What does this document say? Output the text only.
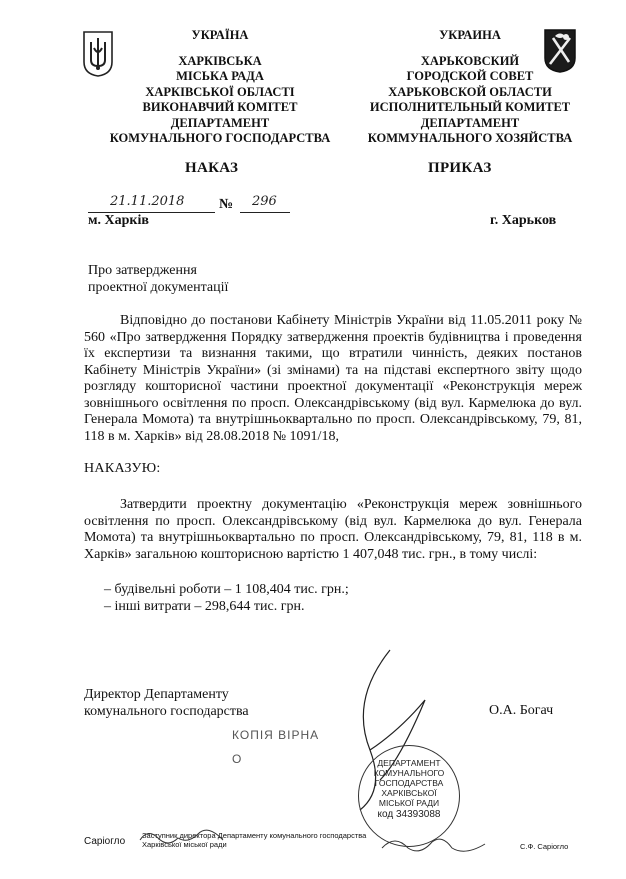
УКРАЇНА
ХАРКІВСЬКА
МІСЬКА РАДА
ХАРКІВСЬКОЇ ОБЛАСТІ
ВИКОНАВЧИЙ КОМІТЕТ
ДЕПАРТАМЕНТ
КОМУНАЛЬНОГО ГОСПОДАРСТВА
УКРАИНА
ХАРЬКОВСКИЙ
ГОРОДСКОЙ СОВЕТ
ХАРЬКОВСКОЙ ОБЛАСТИ
ИСПОЛНИТЕЛЬНЫЙ КОМИТЕТ
ДЕПАРТАМЕНТ
КОММУНАЛЬНОГО ХОЗЯЙСТВА
НАКАЗ	ПРИКАЗ
21.11.2018 № 296
м. Харків	г. Харьков
Про затвердження
проектної документації
Відповідно до постанови Кабінету Міністрів України від 11.05.2011 року № 560 «Про затвердження Порядку затвердження проектів будівництва і проведення їх експертизи та визнання такими, що втратили чинність, деяких постанов Кабінету Міністрів України» (зі змінами) та на підставі експертного звіту щодо розгляду кошторисної частини проектної документації «Реконструкція мереж зовнішнього освітлення по просп. Олександрівському (від вул. Кармелюка до вул. Генерала Момота) та внутрішньоквартально по просп. Олександрівському, 79, 81, 118 в м. Харків» від 28.08.2018 № 1091/18,
НАКАЗУЮ:
Затвердити проектну документацію «Реконструкція мереж зовнішнього освітлення по просп. Олександрівському (від вул. Кармелюка до вул. Генерала Момота) та внутрішньоквартально по просп. Олександрівському, 79, 81, 118 в м. Харків» загальною кошторисною вартістю 1 407,048 тис. грн., в тому числі:
– будівельні роботи – 1 108,404 тис. грн.;
– інші витрати – 298,644 тис. грн.
Директор Департаменту
комунального господарства	О.А. Богач
КОПІЯ ВІРНА
О	ДЕПАРТАМЕНТ
КОМУНАЛЬНОГО
ГОСПОДАРСТВА
ХАРКІВСЬКОЇ
МІСЬКОЇ РАДИ
код 34393088
Саріогло
Заступник директора Департаменту комунального господарства
Харківської міської ради	С.Ф. Саріогло
